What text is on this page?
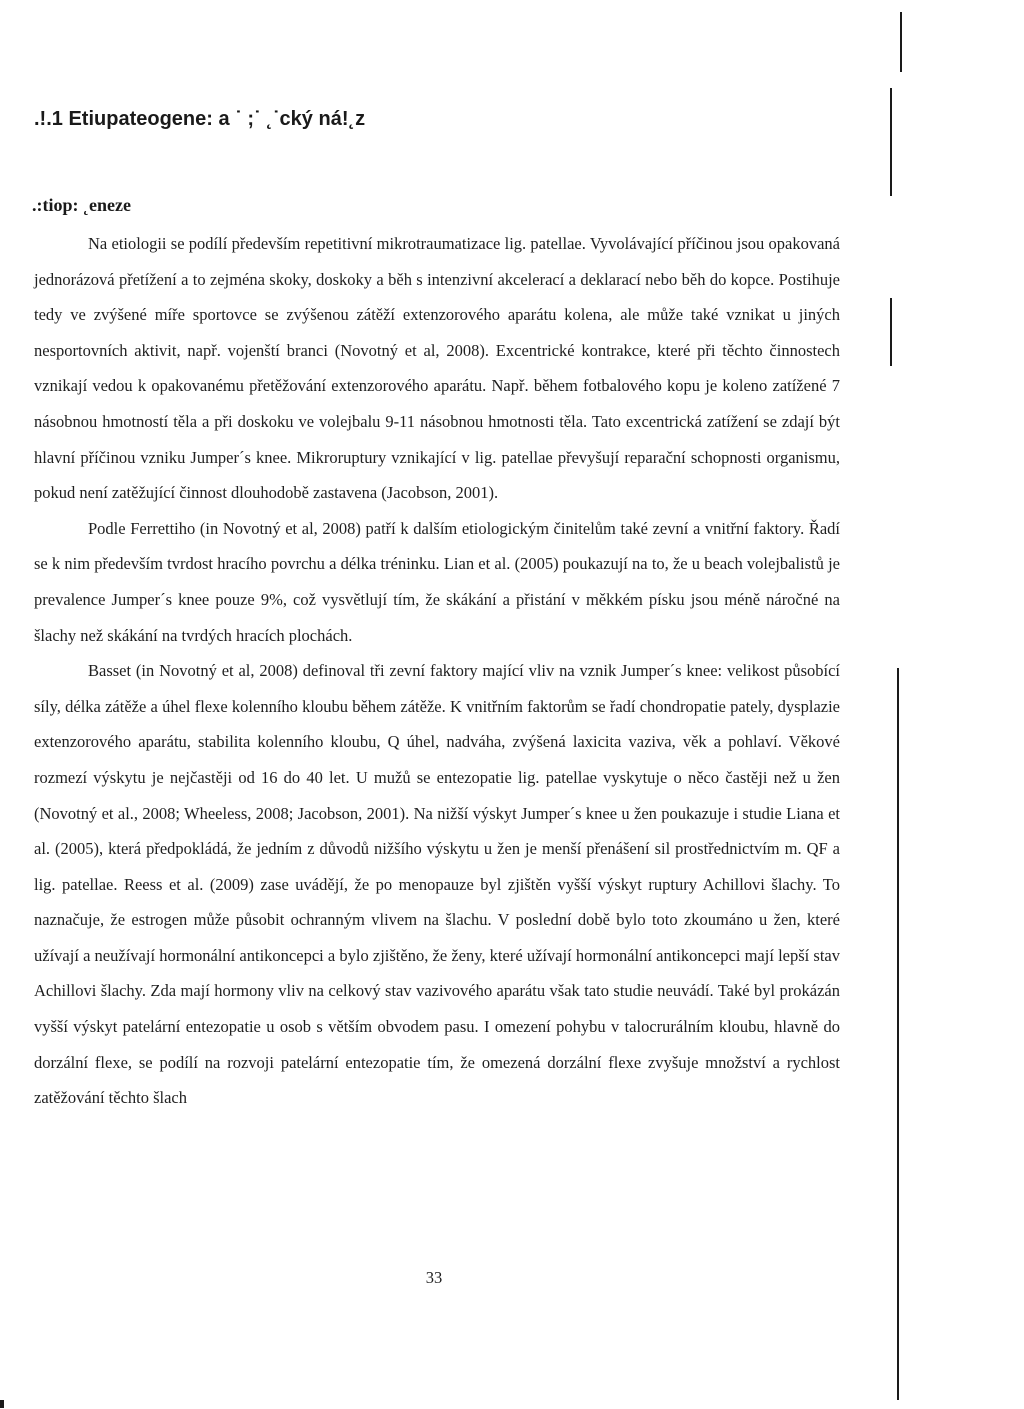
.!.1 Etiupateogene: a ˙ ;˙ ˛˙cký ná!˛z
.:tiop: ˛eneze

Na etiologii se podílí především repetitivní mikrotraumatizace lig. patellae. Vyvolávající příčinou jsou opakovaná jednorázová přetížení a to zejména skoky, doskoky a běh s intenzivní akcelerací a deklarací nebo běh do kopce. Postihuje tedy ve zvýšené míře sportovce se zvýšenou zátěží extenzorového aparátu kolena, ale může také vznikat u jiných nesportovních aktivit, např. vojenští branci (Novotný et al, 2008). Excentrické kontrakce, které při těchto činnostech vznikají vedou k opakovanému přetěžování extenzorového aparátu. Např. během fotbalového kopu je koleno zatížené 7 násobnou hmotností těla a při doskoku ve volejbalu 9-11 násobnou hmotnosti těla. Tato excentrická zatížení se zdají být hlavní příčinou vzniku Jumper´s knee. Mikroruptury vznikající v lig. patellae převyšují reparační schopnosti organismu, pokud není zatěžující činnost dlouhodobě zastavena (Jacobson, 2001).

Podle Ferrettiho (in Novotný et al, 2008) patří k dalším etiologickým činitelům také zevní a vnitřní faktory. Řadí se k nim především tvrdost hracího povrchu a délka tréninku. Lian et al. (2005) poukazují na to, že u beach volejbalistů je prevalence Jumper´s knee pouze 9%, což vysvětlují tím, že skákání a přistání v měkkém písku jsou méně náročné na šlachy než skákání na tvrdých hracích plochách.

Basset (in Novotný et al, 2008) definoval tři zevní faktory mající vliv na vznik Jumper´s knee: velikost působící síly, délka zátěže a úhel flexe kolenního kloubu během zátěže. K vnitřním faktorům se řadí chondropatie pately, dysplazie extenzorového aparátu, stabilita kolenního kloubu, Q úhel, nadváha, zvýšená laxicita vaziva, věk a pohlaví. Věkové rozmezí výskytu je nejčastěji od 16 do 40 let. U mužů se entezopatie lig. patellae vyskytuje o něco častěji než u žen (Novotný et al., 2008; Wheeless, 2008; Jacobson, 2001). Na nižší výskyt Jumper´s knee u žen poukazuje i studie Liana et al. (2005), která předpokládá, že jedním z důvodů nižšího výskytu u žen je menší přenášení sil prostřednictvím m. QF a lig. patellae. Reess et al. (2009) zase uvádějí, že po menopauze byl zjištěn vyšší výskyt ruptury Achillovi šlachy. To naznačuje, že estrogen může působit ochranným vlivem na šlachu. V poslední době bylo toto zkoumáno u žen, které užívají a neužívají hormonální antikoncepci a bylo zjištěno, že ženy, které užívají hormonální antikoncepci mají lepší stav Achillovi šlachy. Zda mají hormony vliv na celkový stav vazivového aparátu však tato studie neuvádí. Také byl prokázán vyšší výskyt patelární entezopatie u osob s větším obvodem pasu. I omezení pohybu v talocrurálním kloubu, hlavně do dorzální flexe, se podílí na rozvoji patelární entezopatie tím, že omezená dorzální flexe zvyšuje množství a rychlost zatěžování těchto šlach

33
